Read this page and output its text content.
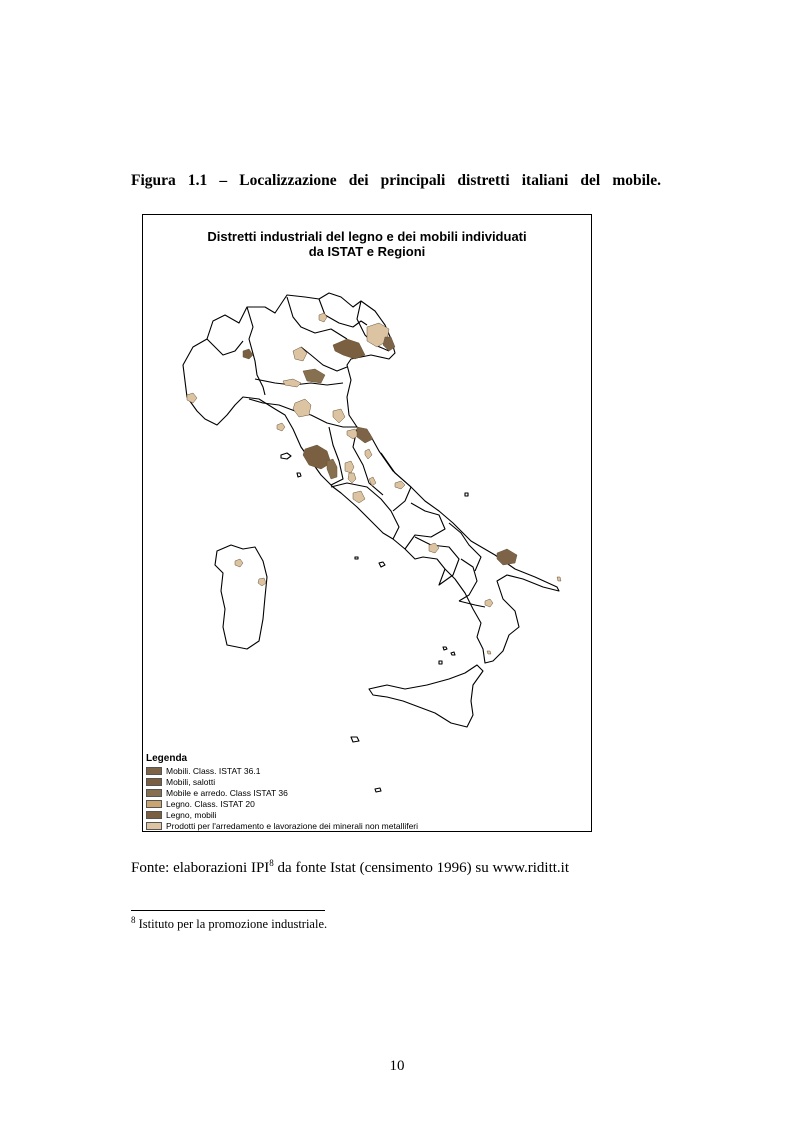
Figura 1.1 – Localizzazione dei principali distretti italiani del mobile.
Distretti industriali del legno e dei mobili individuati
da ISTAT e Regioni
Legenda
Mobili. Class. ISTAT 36.1
Mobili, salotti
Mobile e arredo. Class ISTAT 36
Legno. Class. ISTAT 20
Legno, mobili
Prodotti per l'arredamento e lavorazione dei minerali non metalliferi
Fonte: elaborazioni IPI$^8$ da fonte Istat (censimento 1996) su www.riditt.it
$^8$ Istituto per la promozione industriale.
10
